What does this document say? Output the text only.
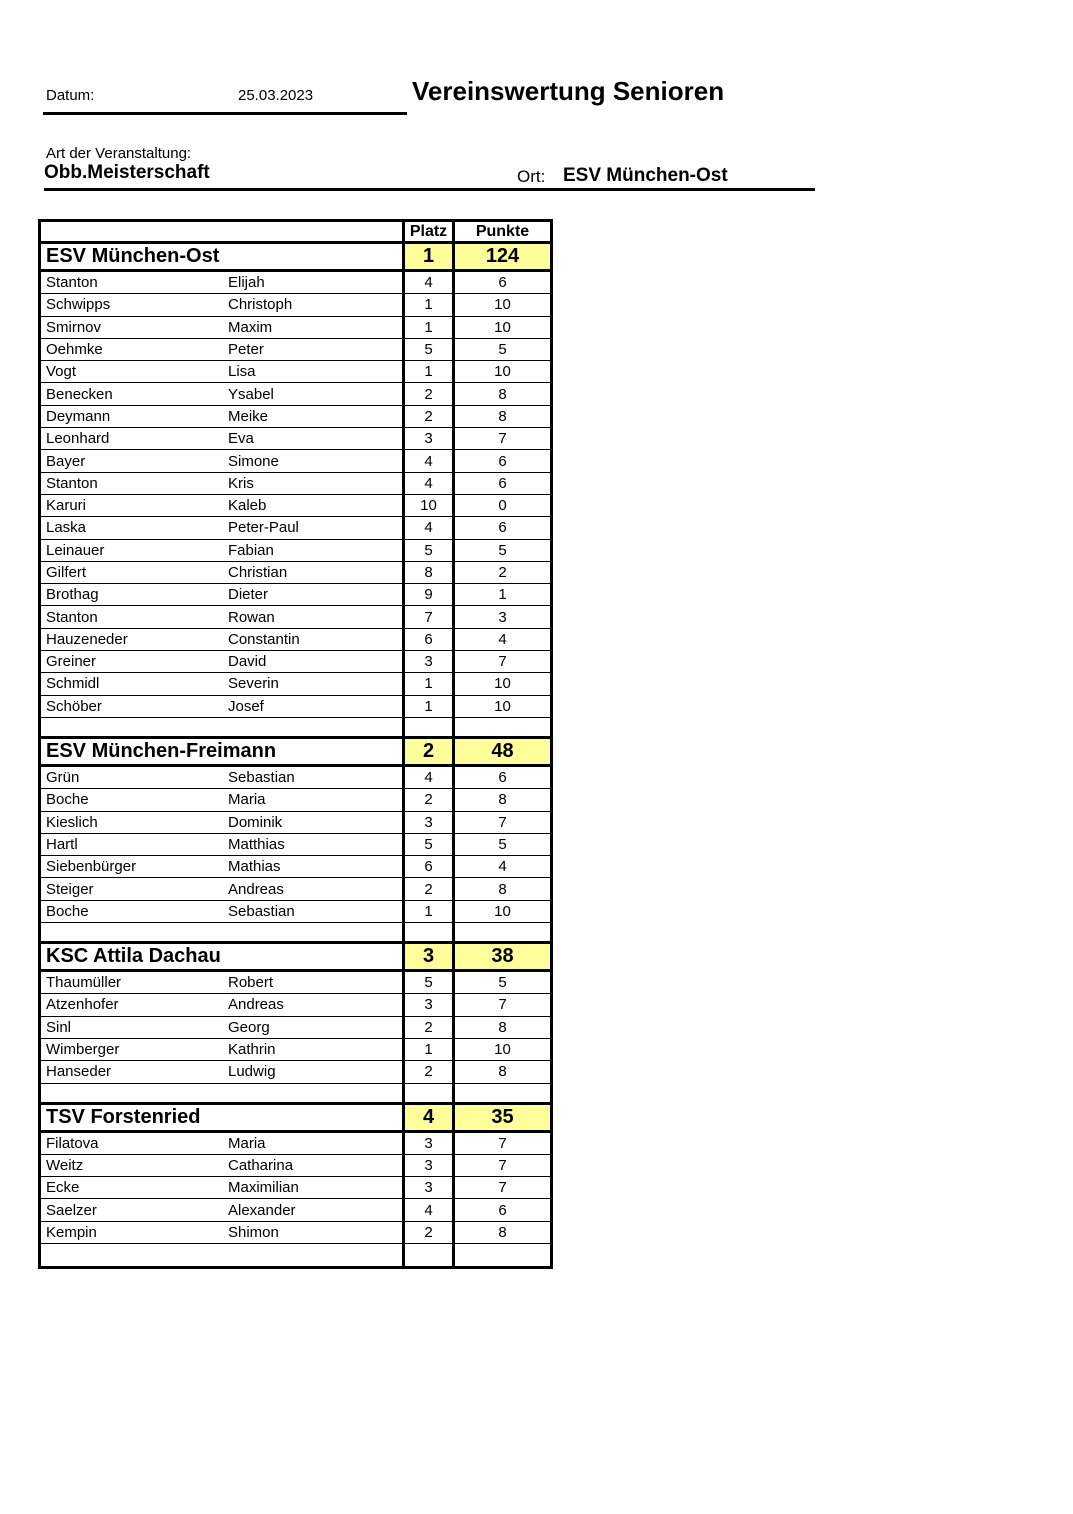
Datum:	25.03.2023	Vereinswertung Senioren
Art der Veranstaltung:
Obb.Meisterschaft	Ort: ESV München-Ost
Platz	Punkte
ESV München-Ost	1	124
Stanton	Elijah	4	6
Schwipps	Christoph	1	10
Smirnov	Maxim	1	10
Oehmke	Peter	5	5
Vogt	Lisa	1	10
Benecken	Ysabel	2	8
Deymann	Meike	2	8
Leonhard	Eva	3	7
Bayer	Simone	4	6
Stanton	Kris	4	6
Karuri	Kaleb	10	0
Laska	Peter-Paul	4	6
Leinauer	Fabian	5	5
Gilfert	Christian	8	2
Brothag	Dieter	9	1
Stanton	Rowan	7	3
Hauzeneder	Constantin	6	4
Greiner	David	3	7
Schmidl	Severin	1	10
Schöber	Josef	1	10
ESV München-Freimann	2	48
Grün	Sebastian	4	6
Boche	Maria	2	8
Kieslich	Dominik	3	7
Hartl	Matthias	5	5
Siebenbürger	Mathias	6	4
Steiger	Andreas	2	8
Boche	Sebastian	1	10
KSC Attila Dachau	3	38
Thaumüller	Robert	5	5
Atzenhofer	Andreas	3	7
Sinl	Georg	2	8
Wimberger	Kathrin	1	10
Hanseder	Ludwig	2	8
TSV Forstenried	4	35
Filatova	Maria	3	7
Weitz	Catharina	3	7
Ecke	Maximilian	3	7
Saelzer	Alexander	4	6
Kempin	Shimon	2	8
